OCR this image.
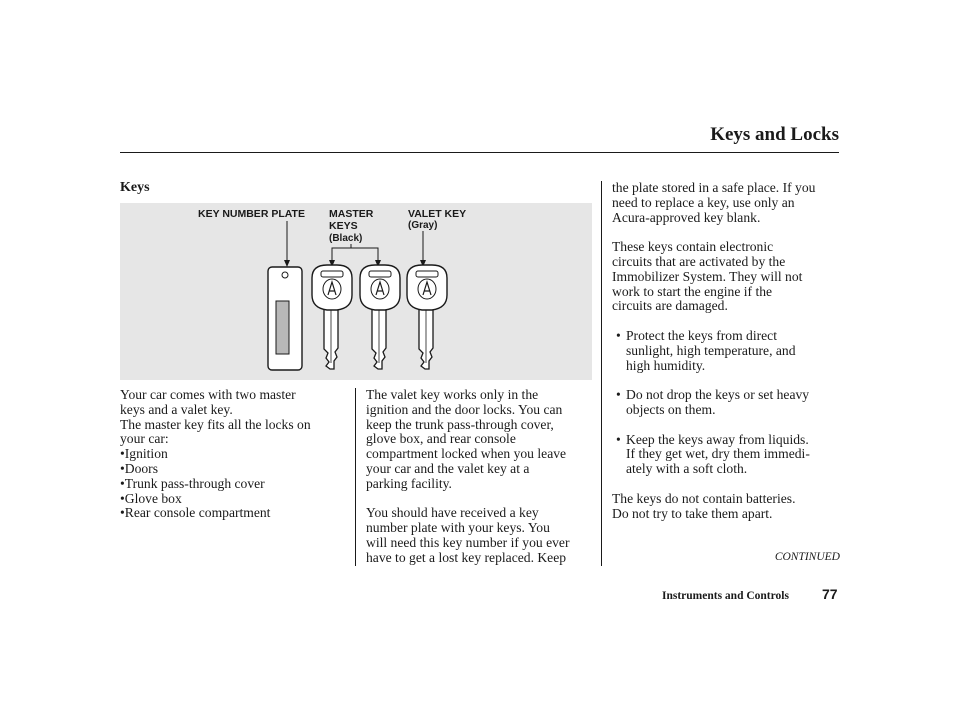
Keys and Locks
Keys
KEY NUMBER PLATE MASTER
KEYS
(Black)
VALET KEY
(Gray)

Your car comes with two master

keys and a valet key.

The master key fits all the locks on

your car:

•Ignition

•Doors

•Trunk pass-through cover

•Glove box

•Rear console compartment

The valet key works only in the

ignition and the door locks. You can

keep the trunk pass-through cover,

glove box, and rear console

compartment locked when you leave

your car and the valet key at a

parking facility.

You should have received a key

number plate with your keys. You

will need this key number if you ever

have to get a lost key replaced. Keep

the plate stored in a safe place. If you

need to replace a key, use only an

Acura-approved key blank.

These keys contain electronic

circuits that are activated by the

Immobilizer System. They will not

work to start the engine if the

circuits are damaged.

• Protect the keys from direct

sunlight, high temperature, and

high humidity.

• Do not drop the keys or set heavy

objects on them.

• Keep the keys away from liquids.

If they get wet, dry them immedi-

ately with a soft cloth.

The keys do not contain batteries.

Do not try to take them apart.

CONTINUED
Instruments and Controls 77
